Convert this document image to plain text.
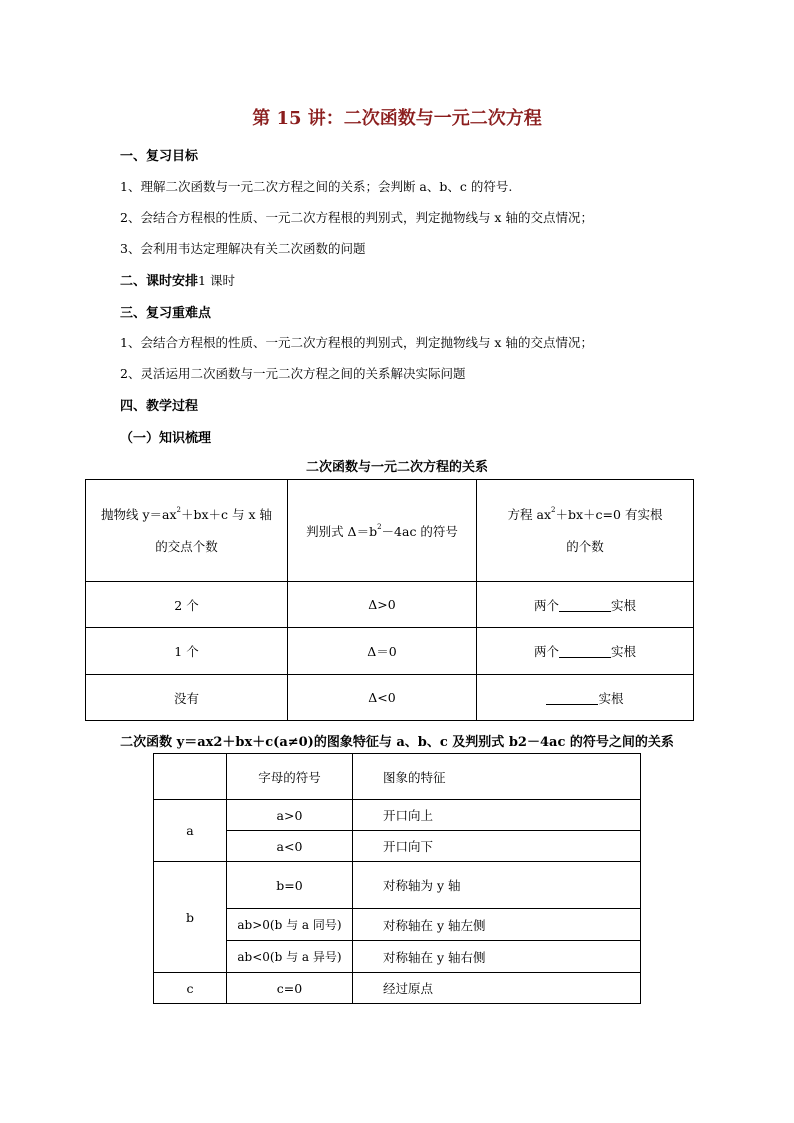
第 15 讲：二次函数与一元二次方程
一、复习目标
1、理解二次函数与一元二次方程之间的关系；会判断 a、b、c 的符号.
2、会结合方程根的性质、一元二次方程根的判别式，判定抛物线与 x 轴的交点情况；
3、会利用韦达定理解决有关二次函数的问题
二、课时安排1 课时
三、复习重难点
1、会结合方程根的性质、一元二次方程根的判别式，判定抛物线与 x 轴的交点情况；
2、灵活运用二次函数与一元二次方程之间的关系解决实际问题
四、教学过程
（一）知识梳理
二次函数与一元二次方程的关系
抛物线 $y=ax^2+bx+c$ 与 x 轴
的交点个数	判别式 $\Delta=b^2-4ac$ 的符号	方程 $ax^2+bx+c=0$ 有实根
的个数
2 个	Δ>0	两个 实根
1 个	Δ＝0	两个 实根
没有	Δ<0	实根
二次函数 y＝ax2＋bx＋c(a≠0)的图象特征与 a、b、c 及判别式 b2－4ac 的符号之间的关系
	字母的符号	图象的特征
a	a>0	开口向上
	a<0	开口向下
b	b=0	对称轴为 y 轴
	ab>0(b 与 a 同号)	对称轴在 y 轴左侧
	ab<0(b 与 a 异号)	对称轴在 y 轴右侧
c	c=0	经过原点
